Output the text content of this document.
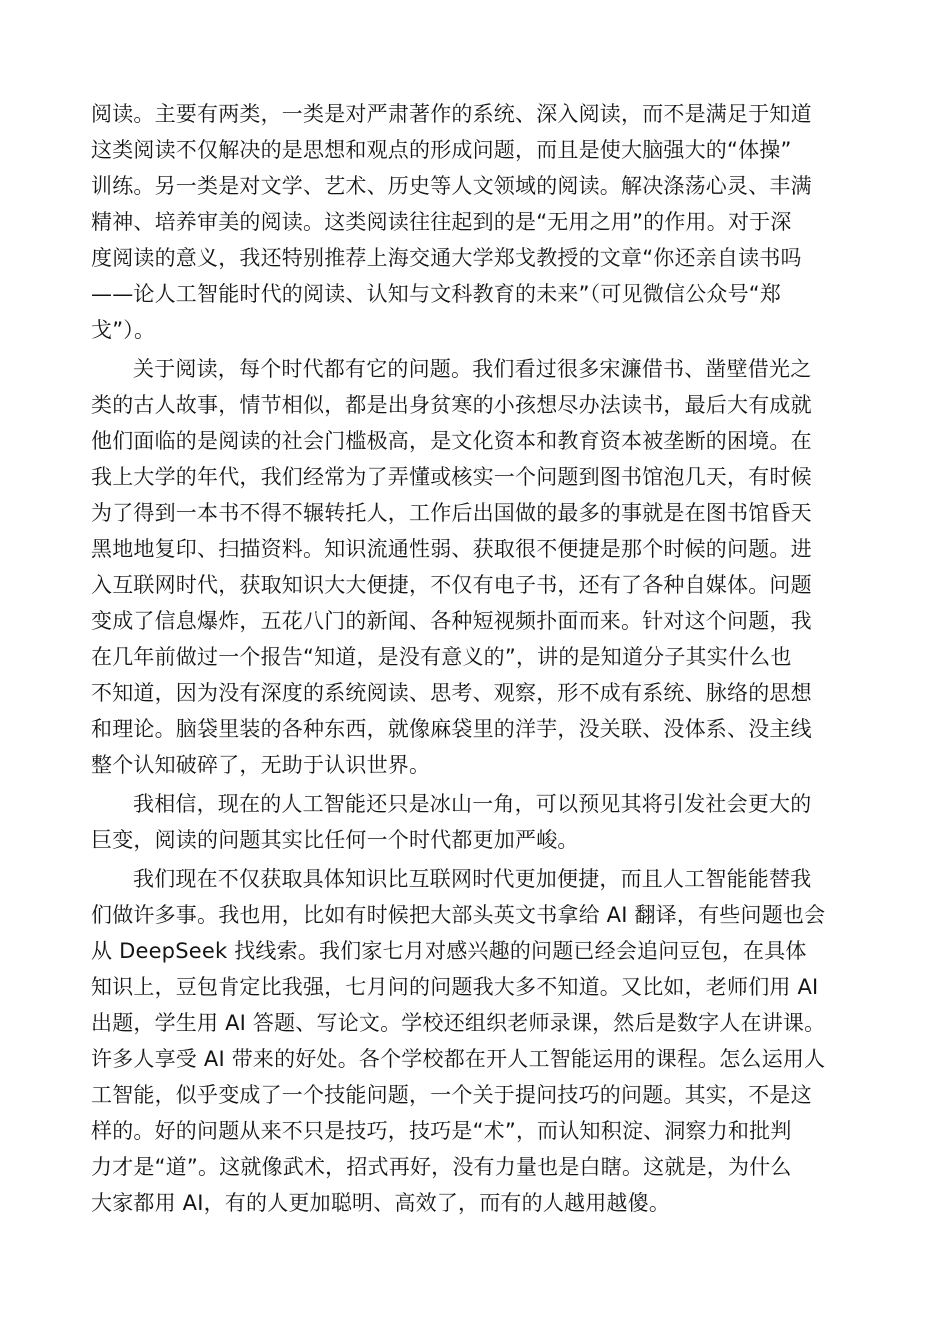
阅读。主要有两类，一类是对严肃著作的系统、深入阅读，而不是满足于知道
这类阅读不仅解决的是思想和观点的形成问题，而且是使大脑强大的“体操”
训练。另一类是对文学、艺术、历史等人文领域的阅读。解决涤荡心灵、丰满
精神、培养审美的阅读。这类阅读往往起到的是“无用之用”的作用。对于深
度阅读的意义，我还特别推荐上海交通大学郑戈教授的文章“你还亲自读书吗
——论人工智能时代的阅读、认知与文科教育的未来”（可见微信公众号“郑
戈”）。
关于阅读，每个时代都有它的问题。我们看过很多宋濂借书、凿壁借光之
类的古人故事，情节相似，都是出身贫寒的小孩想尽办法读书，最后大有成就
他们面临的是阅读的社会门槛极高，是文化资本和教育资本被垄断的困境。在
我上大学的年代，我们经常为了弄懂或核实一个问题到图书馆泡几天，有时候
为了得到一本书不得不辗转托人，工作后出国做的最多的事就是在图书馆昏天
黑地地复印、扫描资料。知识流通性弱、获取很不便捷是那个时候的问题。进
入互联网时代，获取知识大大便捷，不仅有电子书，还有了各种自媒体。问题
变成了信息爆炸，五花八门的新闻、各种短视频扑面而来。针对这个问题，我
在几年前做过一个报告“知道，是没有意义的”，讲的是知道分子其实什么也
不知道，因为没有深度的系统阅读、思考、观察，形不成有系统、脉络的思想
和理论。脑袋里装的各种东西，就像麻袋里的洋芋，没关联、没体系、没主线
整个认知破碎了，无助于认识世界。
我相信，现在的人工智能还只是冰山一角，可以预见其将引发社会更大的
巨变，阅读的问题其实比任何一个时代都更加严峻。
我们现在不仅获取具体知识比互联网时代更加便捷，而且人工智能能替我
们做许多事。我也用，比如有时候把大部头英文书拿给 AI 翻译，有些问题也会
从 DeepSeek 找线索。我们家七月对感兴趣的问题已经会追问豆包，在具体
知识上，豆包肯定比我强，七月问的问题我大多不知道。又比如，老师们用 AI
出题，学生用 AI 答题、写论文。学校还组织老师录课，然后是数字人在讲课。
许多人享受 AI 带来的好处。各个学校都在开人工智能运用的课程。怎么运用人
工智能，似乎变成了一个技能问题，一个关于提问技巧的问题。其实，不是这
样的。好的问题从来不只是技巧，技巧是“术”，而认知积淀、洞察力和批判
力才是“道”。这就像武术，招式再好，没有力量也是白瞎。这就是，为什么
大家都用 AI，有的人更加聪明、高效了，而有的人越用越傻。
